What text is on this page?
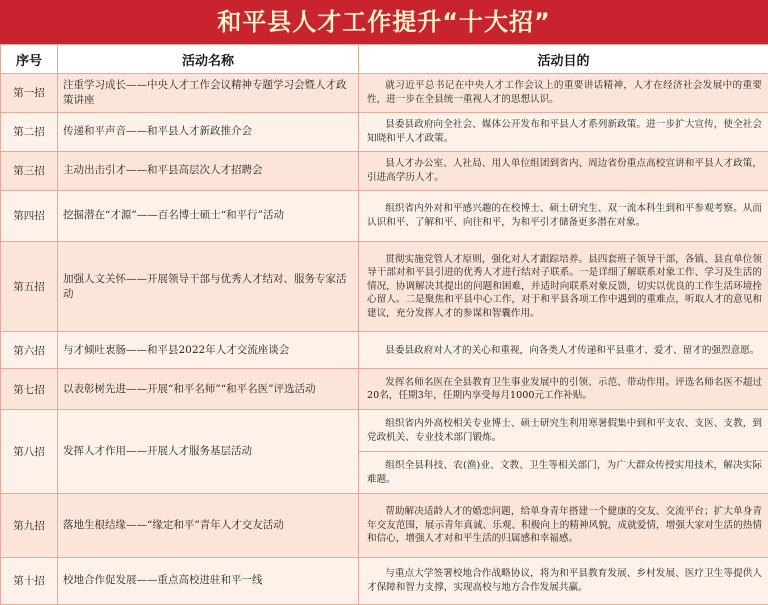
和平县人才工作提升“十大招”
序号	活动名称	活动目的
第一招	注重学习成长——中央人才工作会议精神专题学习会暨人才政策讲座	就习近平总书记在中央人才工作会议上的重要讲话精神，人才在经济社会发展中的重要性，进一步在全县统一重视人才的思想认识。

第二招	传递和平声音——和平县人才新政推介会	县委县政府向全社会、媒体公开发布和平县人才系列新政策。进一步扩大宣传，使全社会知晓和平人才政策。

第三招	主动出击引才——和平县高层次人才招聘会	县人才办公室、人社局、用人单位组团到省内、周边省份重点高校宣讲和平县人才政策，引进高学历人才。

第四招	挖掘潜在“才源”——百名博士硕士“和平行”活动	组织省内外对和平感兴趣的在校博士、硕士研究生、双一流本科生到和平参观考察。从而认识和平、了解和平、向往和平，为和平引才储备更多潜在对象。

第五招	加强人文关怀——开展领导干部与优秀人才结对、服务专家活动	贯彻实施党管人才原则，强化对人才跟踪培养。县四套班子领导干部，各镇、县直单位领导干部对和平县引进的优秀人才进行结对子联系。一是详细了解联系对象工作、学习及生活的情况，协调解决其提出的问题和困难，并适时向联系对象反馈，切实以优良的工作生活环境拴心留人。二是聚焦和平县中心工作，对于和平县各项工作中遇到的重难点，听取人才的意见和建议，充分发挥人才的参谋和智囊作用。

第六招	与才倾吐衷肠——和平县2022年人才交流座谈会	县委县政府对人才的关心和重视，向各类人才传递和平县重才、爱才、留才的强烈意愿。

第七招	以表彰树先进——开展“和平名师”“和平名医”评选活动	发挥名师名医在全县教育卫生事业发展中的引领、示范、带动作用。评选名师名医不超过20名，任期3年，任期内享受每月1000元工作补贴。

第八招	发挥人才作用——开展人才服务基层活动	组织省内外高校相关专业博士、硕士研究生利用寒暑假集中到和平支农、支医、支教，到党政机关、专业技术部门锻炼。
组织全县科技、农(渔)业、文教、卫生等相关部门，为广大群众传授实用技术，解决实际难题。

第九招	落地生根结缘——“缘定和平”青年人才交友活动	帮助解决适龄人才的婚恋问题，给单身青年搭建一个健康的交友、交流平台；扩大单身青年交友范围，展示青年真诚、乐观、积极向上的精神风貌，成就爱情，增强大家对生活的热情和信心，增强人才对和平生活的归属感和幸福感。

第十招	校地合作促发展——重点高校进驻和平一线	与重点大学签署校地合作战略协议，将为和平县教育发展、乡村发展、医疗卫生等提供人才保障和智力支撑，实现高校与地方合作发展共赢。
